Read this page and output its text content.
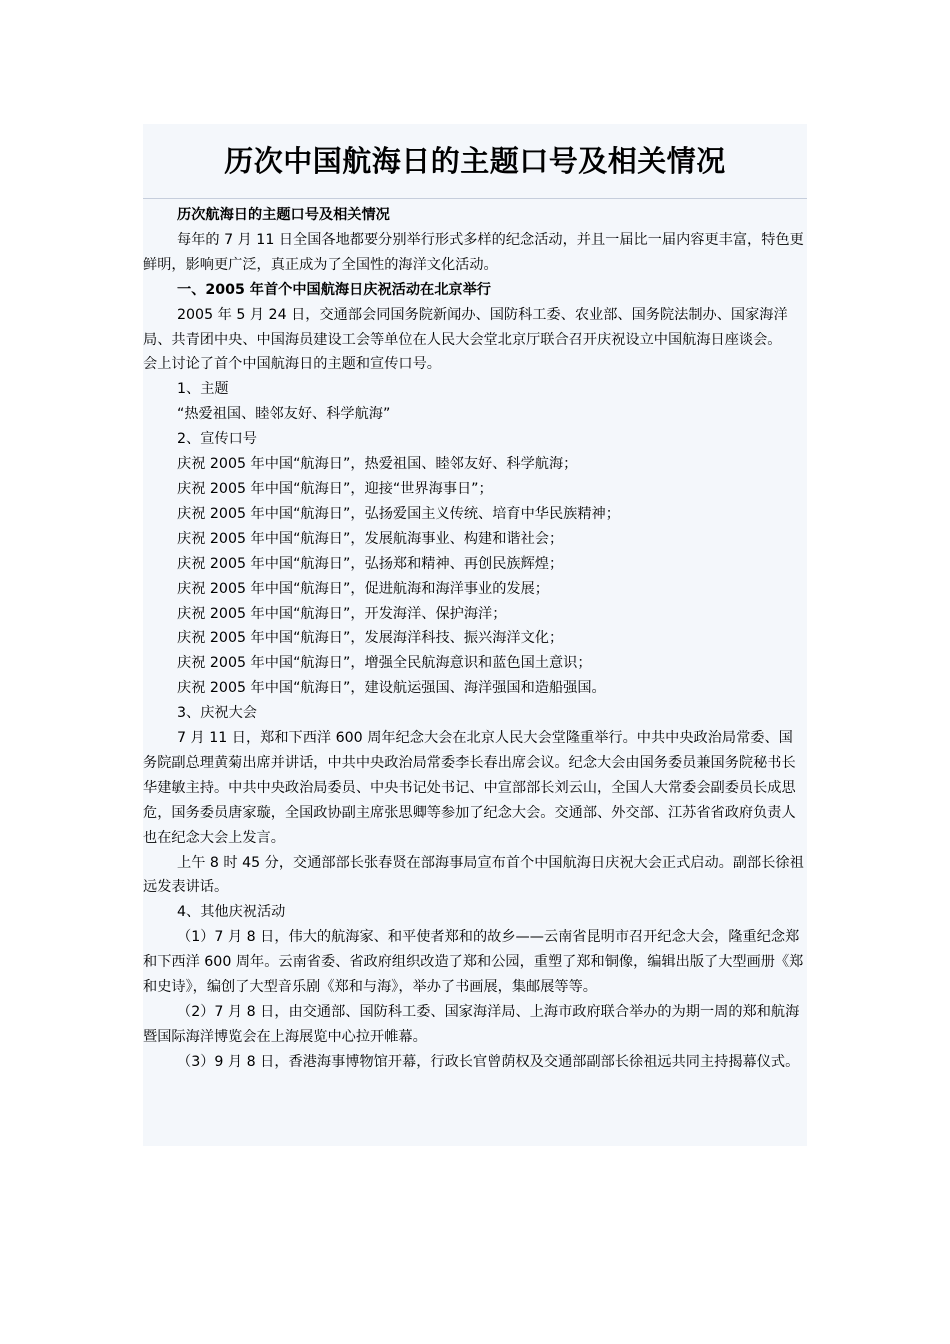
历次中国航海日的主题口号及相关情况

历次航海日的主题口号及相关情况

每年的 7 月 11 日全国各地都要分别举行形式多样的纪念活动，并且一届比一届内容更丰富，特色更鲜明，影响更广泛，真正成为了全国性的海洋文化活动。

一、2005 年首个中国航海日庆祝活动在北京举行

2005 年 5 月 24 日，交通部会同国务院新闻办、国防科工委、农业部、国务院法制办、国家海洋局、共青团中央、中国海员建设工会等单位在人民大会堂北京厅联合召开庆祝设立中国航海日座谈会。

会上讨论了首个中国航海日的主题和宣传口号。

1、主题

“热爱祖国、睦邻友好、科学航海”

2、宣传口号

庆祝 2005 年中国“航海日”，热爱祖国、睦邻友好、科学航海；

庆祝 2005 年中国“航海日”，迎接“世界海事日”；

庆祝 2005 年中国“航海日”，弘扬爱国主义传统、培育中华民族精神；

庆祝 2005 年中国“航海日”，发展航海事业、构建和谐社会；

庆祝 2005 年中国“航海日”，弘扬郑和精神、再创民族辉煌；

庆祝 2005 年中国“航海日”，促进航海和海洋事业的发展；

庆祝 2005 年中国“航海日”，开发海洋、保护海洋；

庆祝 2005 年中国“航海日”，发展海洋科技、振兴海洋文化；

庆祝 2005 年中国“航海日”，增强全民航海意识和蓝色国土意识；

庆祝 2005 年中国“航海日”，建设航运强国、海洋强国和造船强国。

3、庆祝大会

7 月 11 日，郑和下西洋 600 周年纪念大会在北京人民大会堂隆重举行。中共中央政治局常委、国务院副总理黄菊出席并讲话，中共中央政治局常委李长春出席会议。纪念大会由国务委员兼国务院秘书长华建敏主持。中共中央政治局委员、中央书记处书记、中宣部部长刘云山，全国人大常委会副委员长成思危，国务委员唐家璇，全国政协副主席张思卿等参加了纪念大会。交通部、外交部、江苏省省政府负责人也在纪念大会上发言。

上午 8 时 45 分，交通部部长张春贤在部海事局宣布首个中国航海日庆祝大会正式启动。副部长徐祖远发表讲话。

4、其他庆祝活动

（1）7 月 8 日，伟大的航海家、和平使者郑和的故乡——云南省昆明市召开纪念大会，隆重纪念郑和下西洋 600 周年。云南省委、省政府组织改造了郑和公园，重塑了郑和铜像，编辑出版了大型画册《郑和史诗》，编创了大型音乐剧《郑和与海》，举办了书画展，集邮展等等。

（2）7 月 8 日，由交通部、国防科工委、国家海洋局、上海市政府联合举办的为期一周的郑和航海暨国际海洋博览会在上海展览中心拉开帷幕。

（3）9 月 8 日，香港海事博物馆开幕，行政长官曾荫权及交通部副部长徐祖远共同主持揭幕仪式。
